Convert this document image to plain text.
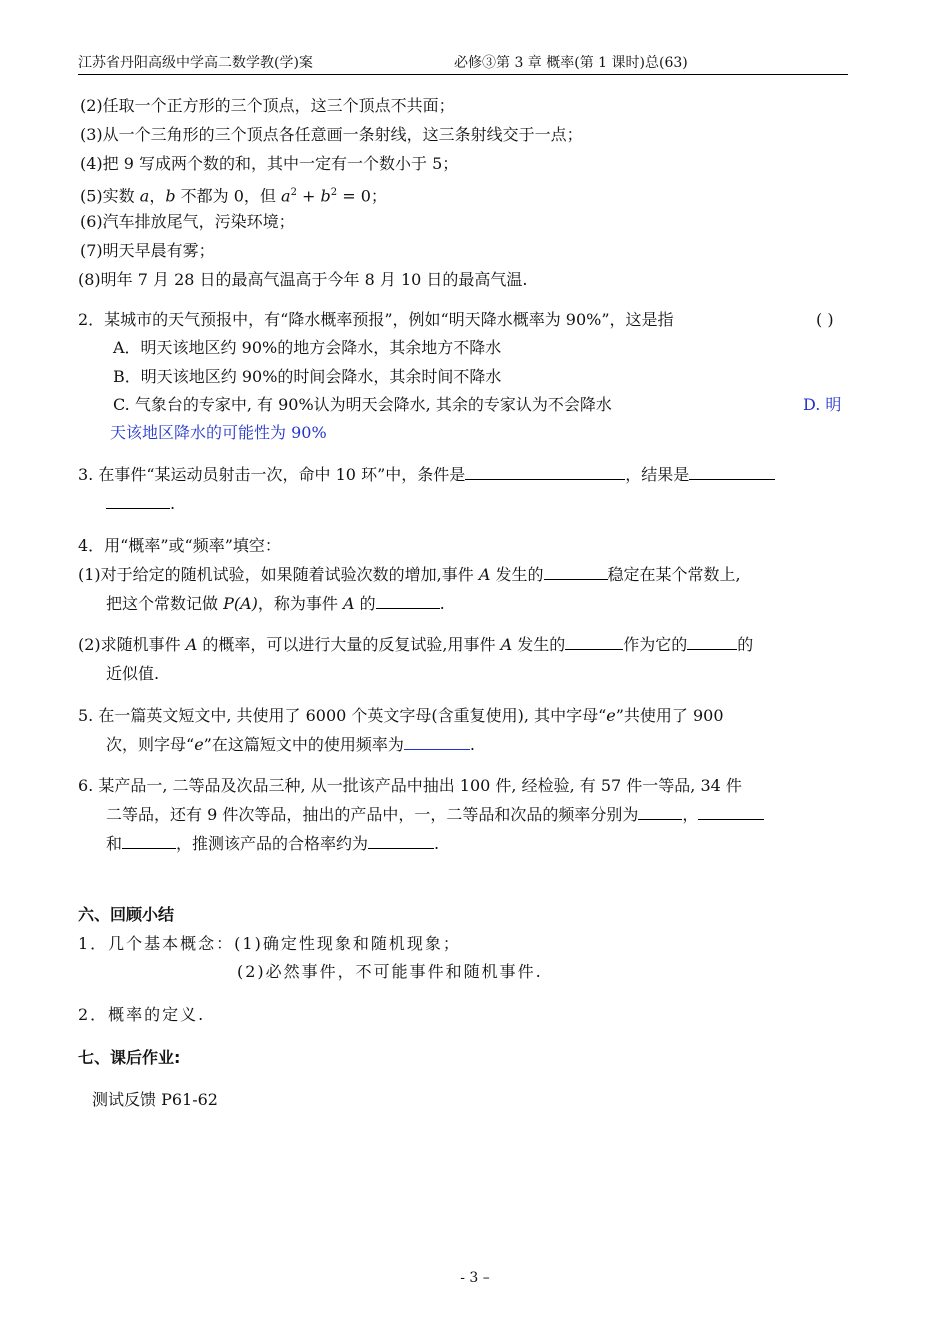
江苏省丹阳高级中学高二数学教(学)案	必修③第 3 章 概率(第 1 课时)总(63)
(2)任取一个正方形的三个顶点，这三个顶点不共面；
(3)从一个三角形的三个顶点各任意画一条射线，这三条射线交于一点；
(4)把 9 写成两个数的和，其中一定有一个数小于 5；
(5)实数 a，b 不都为 0，但 $a^2 + b^2 = 0$；
(6)汽车排放尾气，污染环境；
(7)明天早晨有雾；
(8)明年 7 月 28 日的最高气温高于今年 8 月 10 日的最高气温.
2．某城市的天气预报中，有“降水概率预报”，例如“明天降水概率为 90%”，这是指	( )
A．明天该地区约 90%的地方会降水，其余地方不降水
B．明天该地区约 90%的时间会降水，其余时间不降水
C. 气象台的专家中, 有 90%认为明天会降水, 其余的专家认为不会降水	D. 明
天该地区降水的可能性为 90%
3. 在事件“某运动员射击一次，命中 10 环”中，条件是	，结果是
.
4．用“概率”或“频率”填空：
(1)对于给定的随机试验，如果随着试验次数的增加,事件 A 发生的	稳定在某个常数上,
把这个常数记做 P(A)，称为事件 A 的	.
(2)求随机事件 A 的概率，可以进行大量的反复试验,用事件 A 发生的	作为它的	的
近似值.
5. 在一篇英文短文中, 共使用了 6000 个英文字母(含重复使用), 其中字母“e”共使用了 900
次，则字母“e”在这篇短文中的使用频率为	.
6. 某产品一, 二等品及次品三种, 从一批该产品中抽出 100 件, 经检验, 有 57 件一等品, 34 件
二等品，还有 9 件次等品，抽出的产品中，一，二等品和次品的频率分别为	，
和	，推测该产品的合格率约为	.
六、回顾小结
1．几个基本概念：(1)确定性现象和随机现象；
(2)必然事件，不可能事件和随机事件.
2．概率的定义.
七、课后作业:
测试反馈 P61-62
- 3 –
